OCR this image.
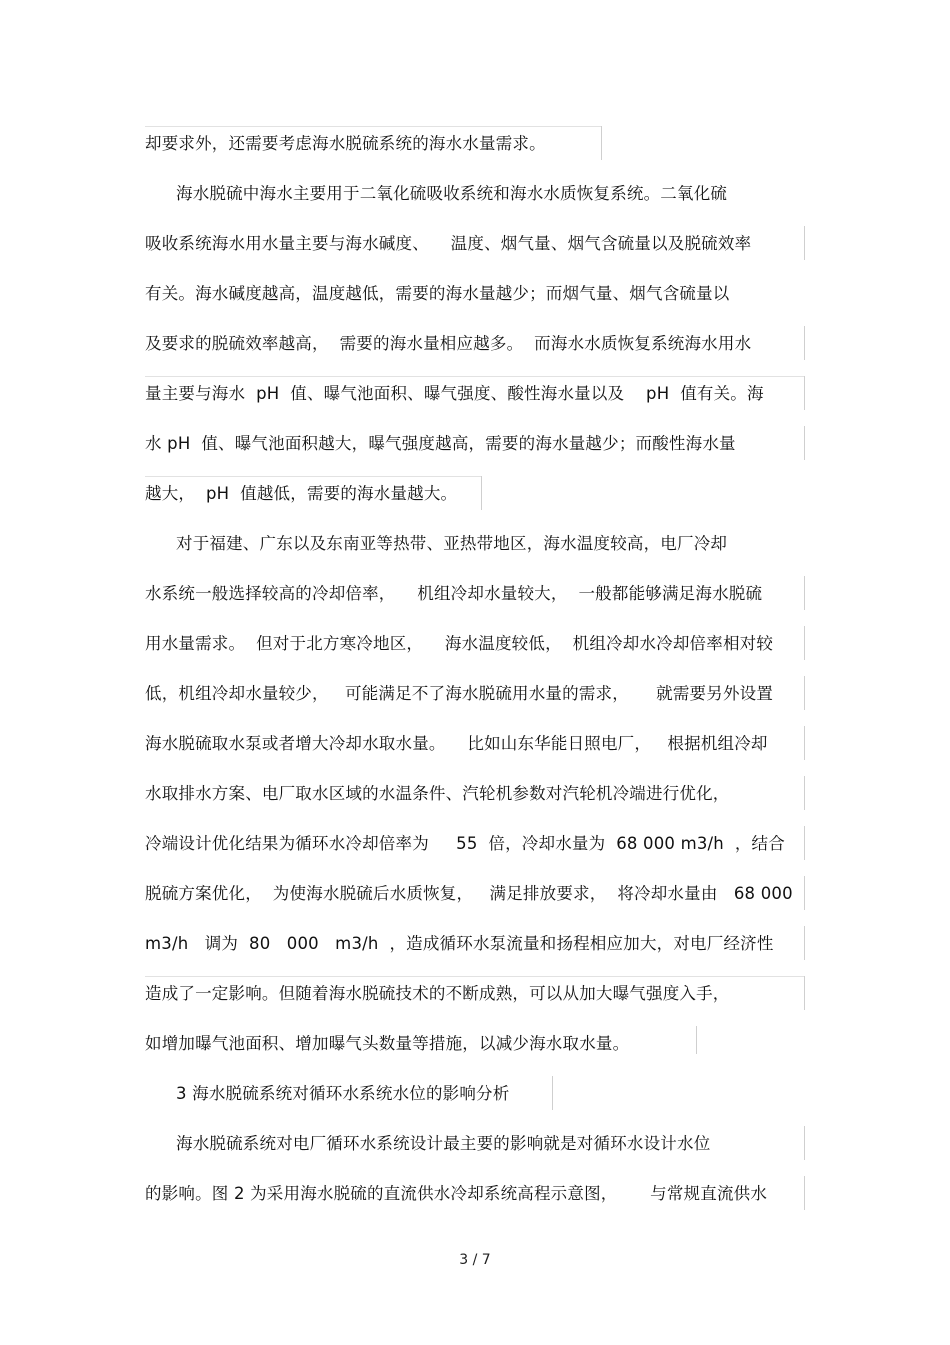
却要求外，还需要考虑海水脱硫系统的海水水量需求。
海水脱硫中海水主要用于二氧化硫吸收系统和海水水质恢复系统。二氧化硫
吸收系统海水用水量主要与海水碱度、    温度、烟气量、烟气含硫量以及脱硫效率
有关。海水碱度越高，温度越低，需要的海水量越少；而烟气量、烟气含硫量以
及要求的脱硫效率越高，  需要的海水量相应越多。  而海水水质恢复系统海水用水
量主要与海水  pH  值、曝气池面积、曝气强度、酸性海水量以及    pH  值有关。海
水 pH  值、曝气池面积越大，曝气强度越高，需要的海水量越少；而酸性海水量
越大，  pH  值越低，需要的海水量越大。
对于福建、广东以及东南亚等热带、亚热带地区，海水温度较高，电厂冷却
水系统一般选择较高的冷却倍率，    机组冷却水量较大，  一般都能够满足海水脱硫
用水量需求。  但对于北方寒冷地区，    海水温度较低，  机组冷却水冷却倍率相对较
低，机组冷却水量较少，   可能满足不了海水脱硫用水量的需求，     就需要另外设置
海水脱硫取水泵或者增大冷却水取水量。    比如山东华能日照电厂，   根据机组冷却
水取排水方案、电厂取水区域的水温条件、汽轮机参数对汽轮机冷端进行优化，
冷端设计优化结果为循环水冷却倍率为     55  倍，冷却水量为  68 000 m3/h  ，结合
脱硫方案优化，  为使海水脱硫后水质恢复，   满足排放要求，  将冷却水量由   68 000
m3/h   调为  80   000   m3/h  ，造成循环水泵流量和扬程相应加大，对电厂经济性
造成了一定影响。但随着海水脱硫技术的不断成熟，可以从加大曝气强度入手，
如增加曝气池面积、增加曝气头数量等措施，以减少海水取水量。
3 海水脱硫系统对循环水系统水位的影响分析
海水脱硫系统对电厂循环水系统设计最主要的影响就是对循环水设计水位
的影响。图 2 为采用海水脱硫的直流供水冷却系统高程示意图，      与常规直流供水
3 / 7
